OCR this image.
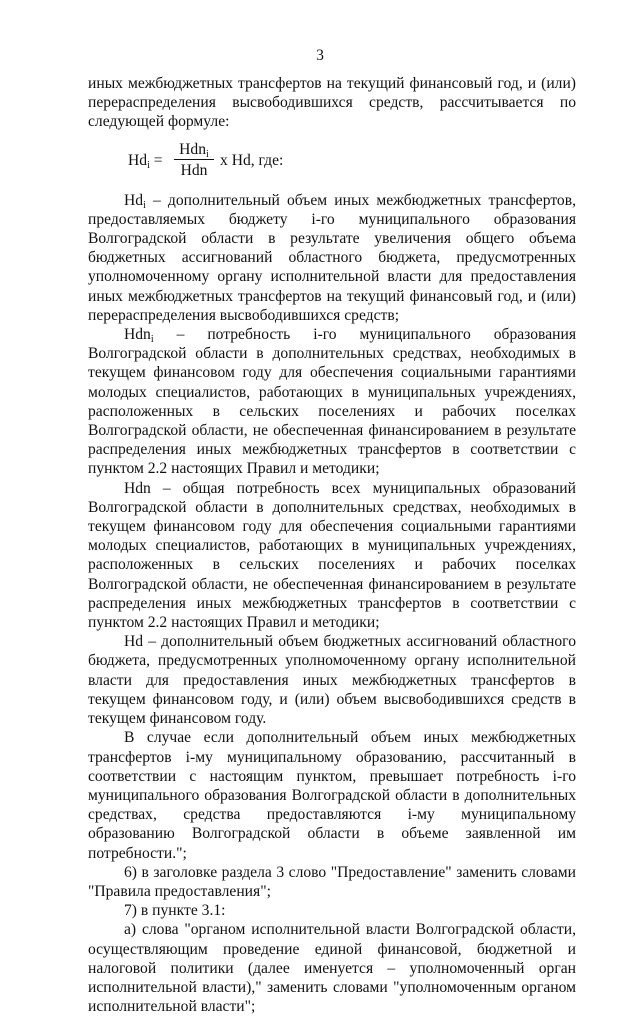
3

иных межбюджетных трансфертов на текущий финансовый год, и (или) перераспределения высвободившихся средств, рассчитывается по следующей формуле:

$Hd_i$ =
Hdn$_i$
Hdn
x Hd, где:

$Hd_i$ – дополнительный объем иных межбюджетных трансфертов, предоставляемых бюджету i-го муниципального образования Волгоградской области в результате увеличения общего объема бюджетных ассигнований областного бюджета, предусмотренных уполномоченному органу исполнительной власти для предоставления иных межбюджетных трансфертов на текущий финансовый год, и (или) перераспределения высвободившихся средств;

Hdn$_i$ – потребность i-го муниципального образования Волгоградской области в дополнительных средствах, необходимых в текущем финансовом году для обеспечения социальными гарантиями молодых специалистов, работающих в муниципальных учреждениях, расположенных в сельских поселениях и рабочих поселках Волгоградской области, не обеспеченная финансированием в результате распределения иных межбюджетных трансфертов в соответствии с пунктом 2.2 настоящих Правил и методики;

Hdn – общая потребность всех муниципальных образований Волгоградской области в дополнительных средствах, необходимых в текущем финансовом году для обеспечения социальными гарантиями молодых специалистов, работающих в муниципальных учреждениях, расположенных в сельских поселениях и рабочих поселках Волгоградской области, не обеспеченная финансированием в результате распределения иных межбюджетных трансфертов в соответствии с пунктом 2.2 настоящих Правил и методики;

Hd – дополнительный объем бюджетных ассигнований областного бюджета, предусмотренных уполномоченному органу исполнительной власти для предоставления иных межбюджетных трансфертов в текущем финансовом году, и (или) объем высвободившихся средств в текущем финансовом году.

В случае если дополнительный объем иных межбюджетных трансфертов i-му муниципальному образованию, рассчитанный в соответствии с настоящим пунктом, превышает потребность i-го муниципального образования Волгоградской области в дополнительных средствах, средства предоставляются i-му муниципальному образованию Волгоградской области в объеме заявленной им потребности.";

6) в заголовке раздела 3 слово "Предоставление" заменить словами "Правила предоставления";

7) в пункте 3.1:

а) слова "органом исполнительной власти Волгоградской области, осуществляющим проведение единой финансовой, бюджетной и налоговой политики (далее именуется – уполномоченный орган исполнительной власти)," заменить словами "уполномоченным органом исполнительной власти";
